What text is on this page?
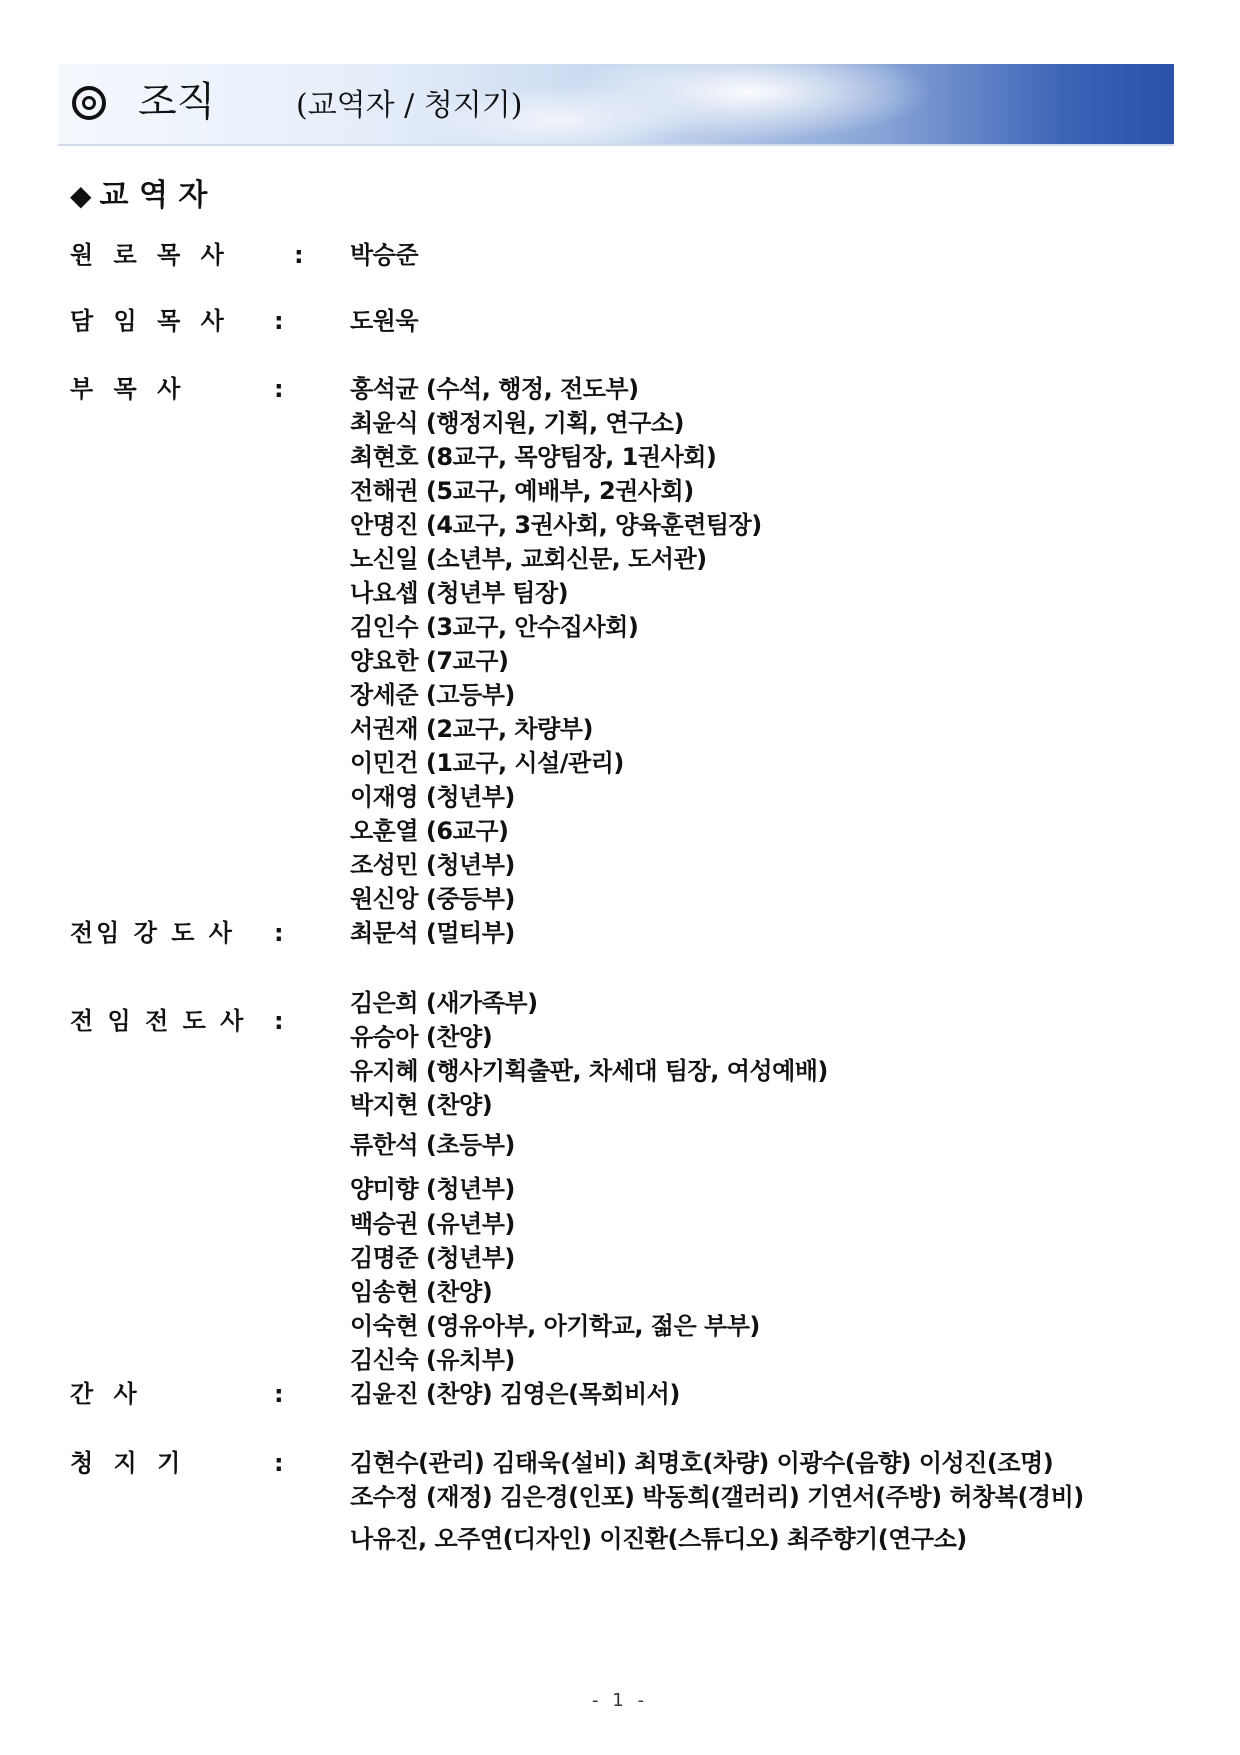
조직	(교역자 / 청지기)
◆ 교 역 자
원 로 목 사	: 박승준
담 임 목 사 :	도원욱
부 목 사	:	홍석균 (수석, 행정, 전도부)
최윤식 (행정지원, 기획, 연구소)
최현호 (8교구, 목양팀장, 1권사회)
전해권 (5교구, 예배부, 2권사회)
안명진 (4교구, 3권사회, 양육훈련팀장)
노신일 (소년부, 교회신문, 도서관)
나요셉 (청년부 팀장)
김인수 (3교구, 안수집사회)
양요한 (7교구)
장세준 (고등부)
서권재 (2교구, 차량부)
이민건 (1교구, 시설/관리)
이재영 (청년부)
오훈열 (6교구)
조성민 (청년부)
원신앙 (중등부)
전임 강 도 사 :	최문석 (멀티부)
전 임 전 도 사 :
김은희 (새가족부)
유승아 (찬양)
유지혜 (행사기획출판, 차세대 팀장, 여성예배)
박지현 (찬양)
류한석 (초등부)
양미향 (청년부)
백승권 (유년부)
김명준 (청년부)
임송현 (찬양)
이숙현 (영유아부, 아기학교, 젊은 부부)
김신숙 (유치부)
간 사	:	김윤진 (찬양) 김영은(목회비서)
청 지 기	:	김현수(관리) 김태욱(설비) 최명호(차량) 이광수(음향) 이성진(조명)
조수정 (재정) 김은경(인포) 박동희(갤러리) 기연서(주방) 허창복(경비)
나유진, 오주연(디자인) 이진환(스튜디오) 최주향기(연구소)
- 1 -
